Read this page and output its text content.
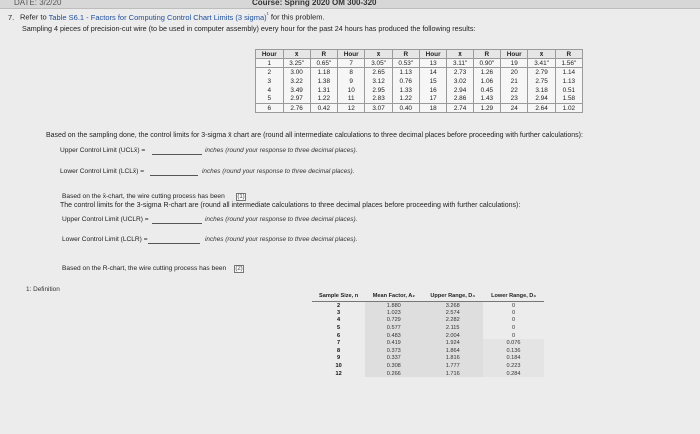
DATE: 3/2/20	Course: Spring 2020 OM 300-320
7. Refer to Table S6.1 - Factors for Computing Control Chart Limits (3 sigma)$^{^1}$ for this problem.
Sampling 4 pieces of precision-cut wire (to be used in computer assembly) every hour for the past 24 hours has produced the following results:
Hour	x̄	R	Hour	x̄	R	Hour	x̄	R	Hour	x̄	R
1	3.25"	0.65"	7	3.05"	0.53"	13	3.11"	0.90"	19	3.41"	1.56"
2	3.00	1.18	8	2.65	1.13	14	2.73	1.26	20	2.79	1.14
3	3.22	1.38	9	3.12	0.76	15	3.02	1.06	21	2.75	1.13
4	3.49	1.31	10	2.95	1.33	16	2.94	0.45	22	3.18	0.51
5	2.97	1.22	11	2.83	1.22	17	2.86	1.43	23	2.94	1.58
6	2.76	0.42	12	3.07	0.40	18	2.74	1.29	24	2.64	1.02
Based on the sampling done, the control limits for 3-sigma x̄ chart are (round all intermediate calculations to three decimal places before proceeding with further calculations):
Upper Control Limit (UCLx̄) =	inches (round your response to three decimal places).
Lower Control Limit (LCLx̄) =	inches (round your response to three decimal places).
Based on the x̄-chart, the wire cutting process has been (1)
The control limits for the 3-sigma R-chart are (round all intermediate calculations to three decimal places before proceeding with further calculations):
Upper Control Limit (UCLR) =	inches (round your response to three decimal places).
Lower Control Limit (LCLR) =	inches (round your response to three decimal places).
Based on the R-chart, the wire cutting process has been (2)
1: Definition
Sample Size, n	Mean Factor, A₂	Upper Range, D₄	Lower Range, D₃
2	1.880	3.268	0
3	1.023	2.574	0
4	0.729	2.282	0
5	0.577	2.115	0
6	0.483	2.004	0
7	0.419	1.924	0.076
8	0.373	1.864	0.136
9	0.337	1.816	0.184
10	0.308	1.777	0.223
12	0.266	1.716	0.284
